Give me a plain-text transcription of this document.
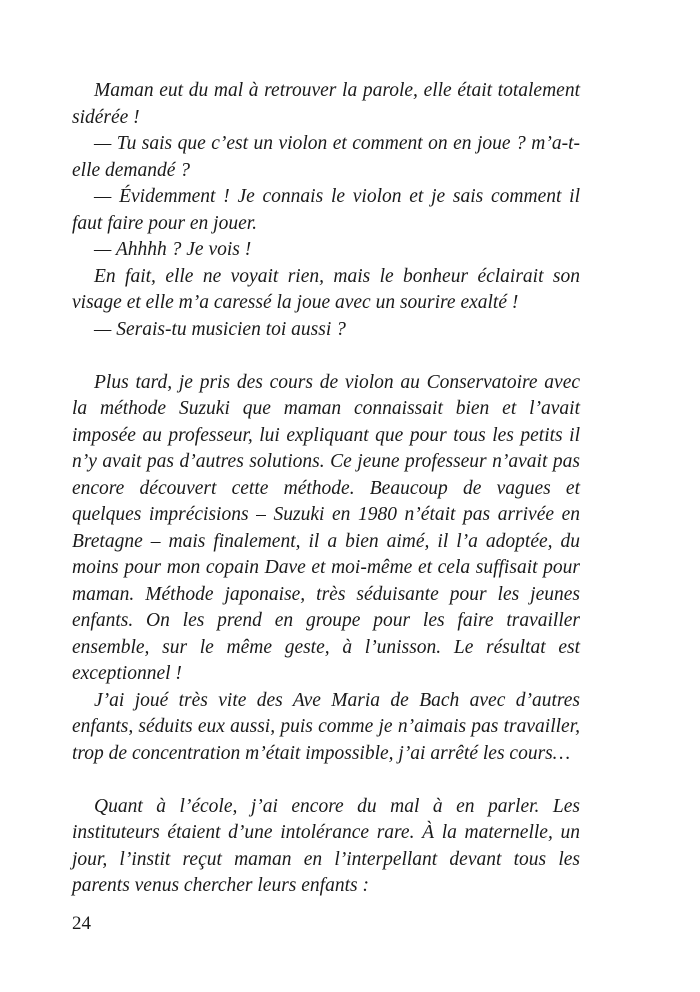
Maman eut du mal à retrouver la parole, elle était totalement sidérée !

— Tu sais que c’est un violon et comment on en joue ? m’a-t-elle demandé ?

— Évidemment ! Je connais le violon et je sais comment il faut faire pour en jouer.

— Ahhhh ? Je vois !

En fait, elle ne voyait rien, mais le bonheur éclairait son visage et elle m’a caressé la joue avec un sourire exalté !

— Serais-tu musicien toi aussi ?

Plus tard, je pris des cours de violon au Conservatoire avec la méthode Suzuki que maman connaissait bien et l’avait imposée au professeur, lui expliquant que pour tous les petits il n’y avait pas d’autres solutions. Ce jeune professeur n’avait pas encore découvert cette méthode. Beaucoup de vagues et quelques imprécisions – Suzuki en 1980 n’était pas arrivée en Bretagne – mais finalement, il a bien aimé, il l’a adoptée, du moins pour mon copain Dave et moi-même et cela suffisait pour maman. Méthode japonaise, très séduisante pour les jeunes enfants. On les prend en groupe pour les faire travailler ensemble, sur le même geste, à l’unisson. Le résultat est exceptionnel !

J’ai joué très vite des Ave Maria de Bach avec d’autres enfants, séduits eux aussi, puis comme je n’aimais pas travailler, trop de concentration m’était impossible, j’ai arrêté les cours…

Quant à l’école, j’ai encore du mal à en parler. Les instituteurs étaient d’une intolérance rare. À la maternelle, un jour, l’instit reçut maman en l’interpellant devant tous les parents venus chercher leurs enfants :

24
